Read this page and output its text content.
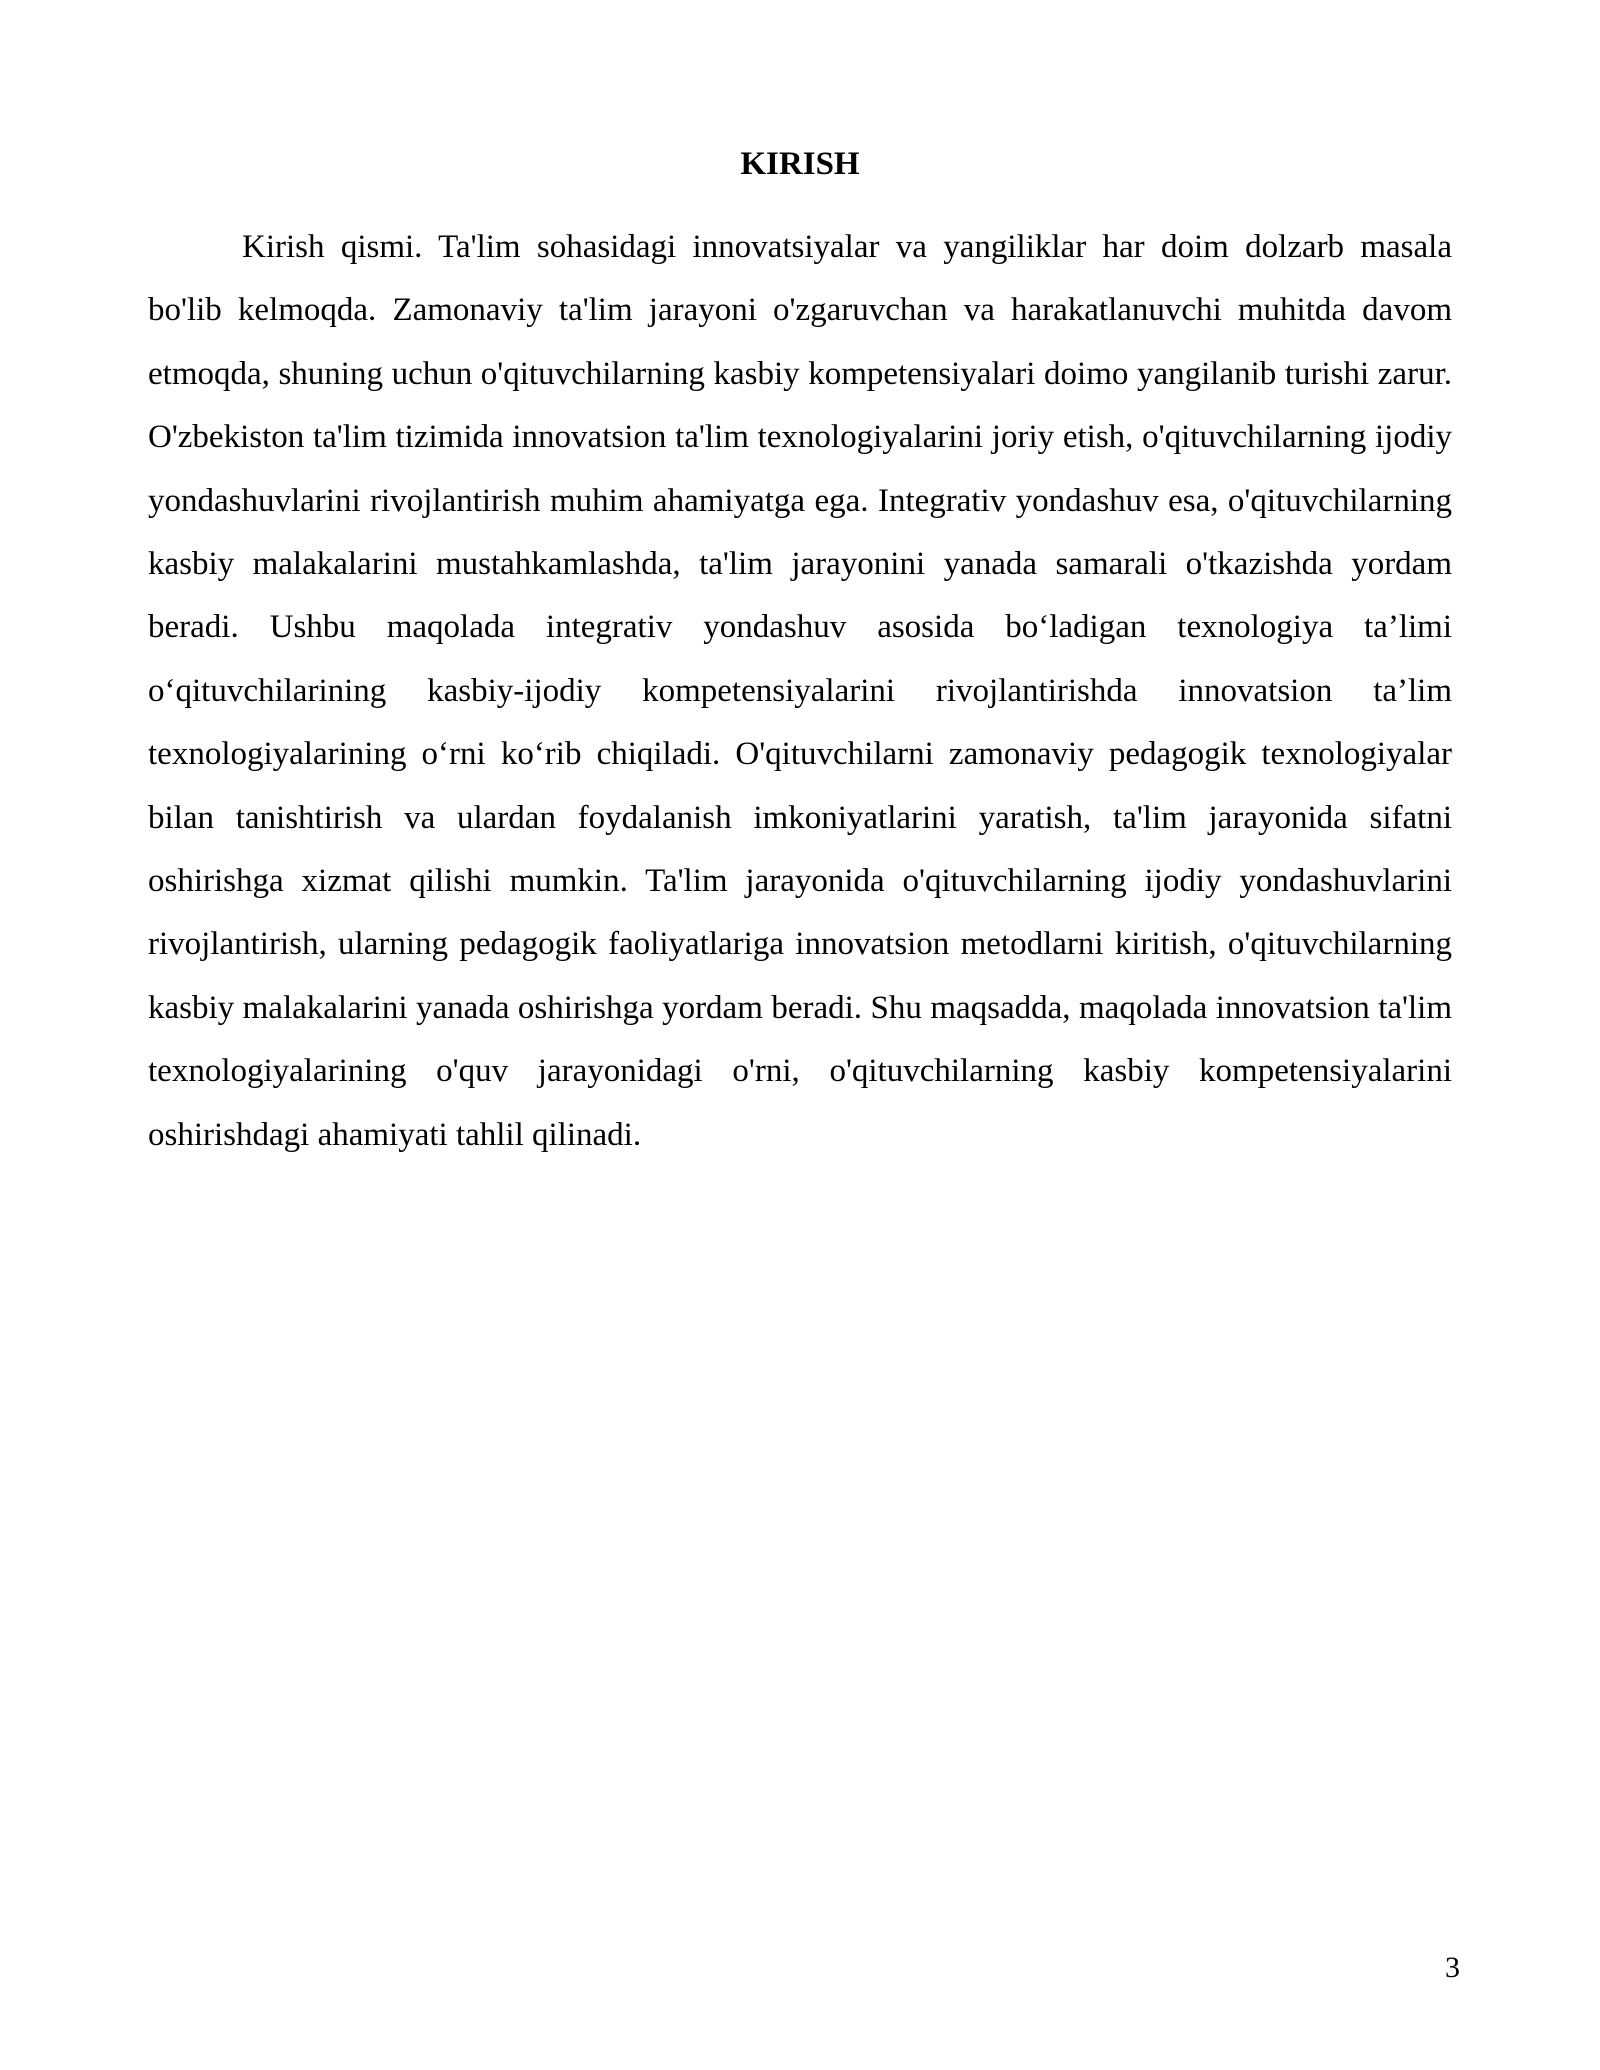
KIRISH

Kirish qismi. Ta'lim sohasidagi innovatsiyalar va yangiliklar har doim dolzarb masala bo'lib kelmoqda. Zamonaviy ta'lim jarayoni o'zgaruvchan va harakatlanuvchi muhitda davom etmoqda, shuning uchun o'qituvchilarning kasbiy kompetensiyalari doimo yangilanib turishi zarur. O'zbekiston ta'lim tizimida innovatsion ta'lim texnologiyalarini joriy etish, o'qituvchilarning ijodiy yondashuvlarini rivojlantirish muhim ahamiyatga ega. Integrativ yondashuv esa, o'qituvchilarning kasbiy malakalarini mustahkamlashda, ta'lim jarayonini yanada samarali o'tkazishda yordam beradi. Ushbu maqolada integrativ yondashuv asosida boʻladigan texnologiya ta’limi oʻqituvchilarining kasbiy-ijodiy kompetensiyalarini rivojlantirishda innovatsion ta’lim texnologiyalarining oʻrni koʻrib chiqiladi. O'qituvchilarni zamonaviy pedagogik texnologiyalar bilan tanishtirish va ulardan foydalanish imkoniyatlarini yaratish, ta'lim jarayonida sifatni oshirishga xizmat qilishi mumkin. Ta'lim jarayonida o'qituvchilarning ijodiy yondashuvlarini rivojlantirish, ularning pedagogik faoliyatlariga innovatsion metodlarni kiritish, o'qituvchilarning kasbiy malakalarini yanada oshirishga yordam beradi. Shu maqsadda, maqolada innovatsion ta'lim texnologiyalarining o'quv jarayonidagi o'rni, o'qituvchilarning kasbiy kompetensiyalarini oshirishdagi ahamiyati tahlil qilinadi.

3
